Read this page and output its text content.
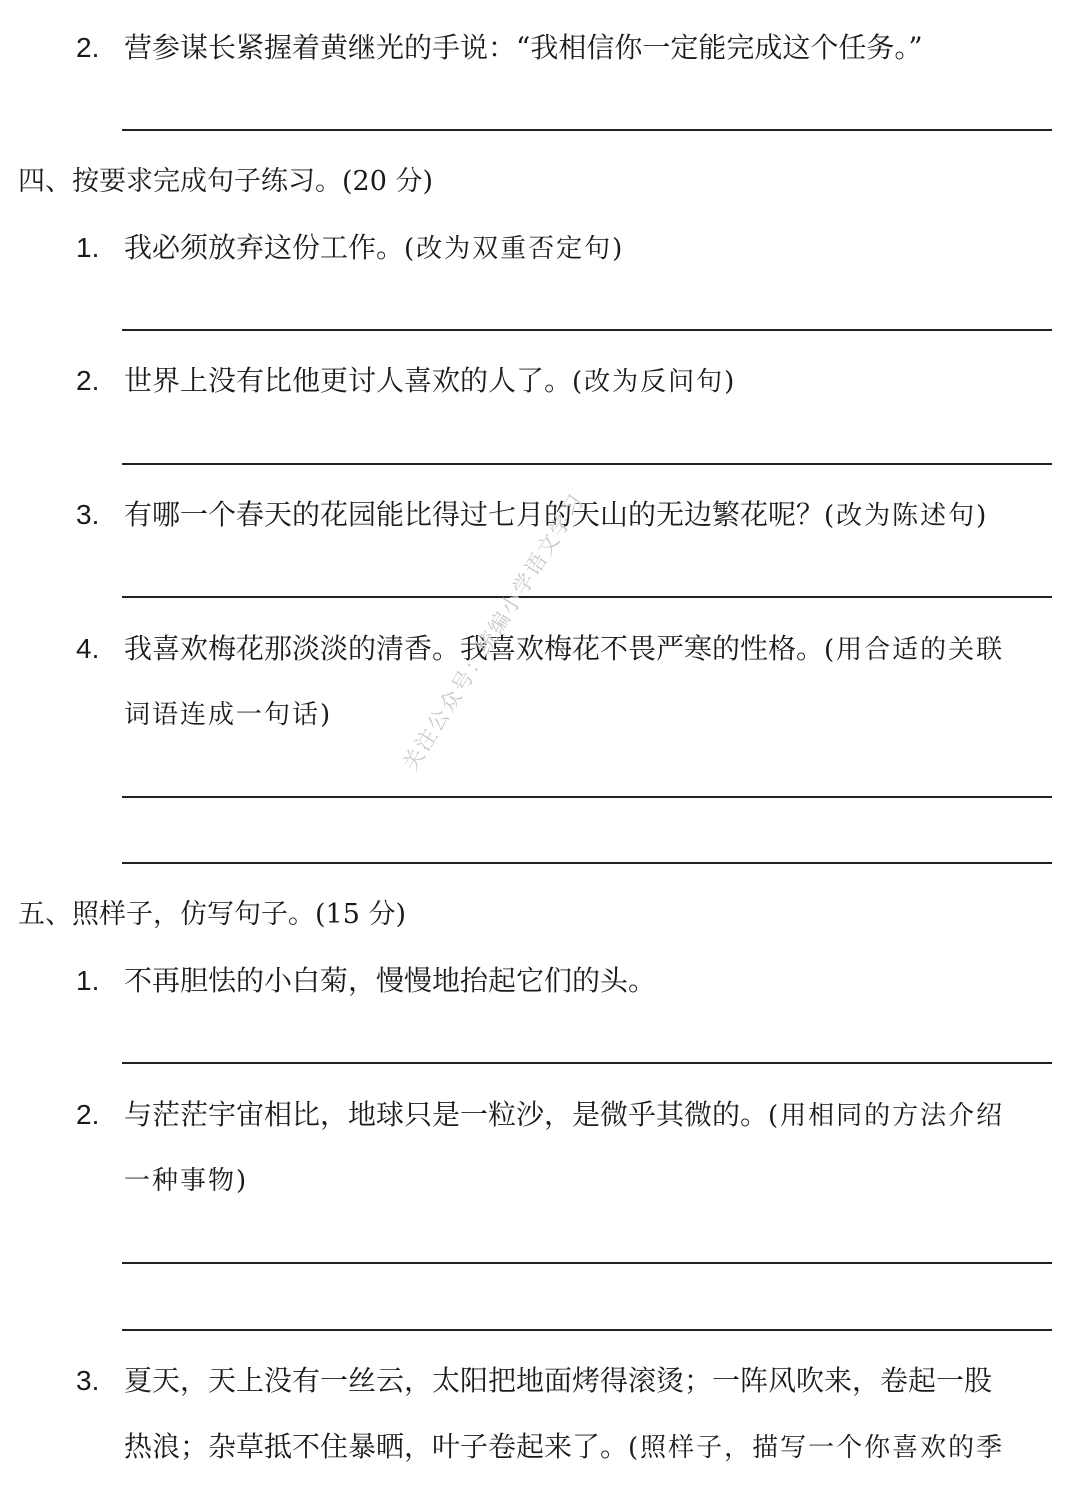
2. 营参谋长紧握着黄继光的手说：“我相信你一定能完成这个任务。”
四、按要求完成句子练习。(20 分)
1. 我必须放弃这份工作。(改为双重否定句)
2. 世界上没有比他更讨人喜欢的人了。(改为反问句)
3. 有哪一个春天的花园能比得过七月的天山的无边繁花呢？(改为陈述句)
4. 我喜欢梅花那淡淡的清香。我喜欢梅花不畏严寒的性格。(用合适的关联
词语连成一句话)
五、照样子，仿写句子。(15 分)
1. 不再胆怯的小白菊，慢慢地抬起它们的头。
2. 与茫茫宇宙相比，地球只是一粒沙，是微乎其微的。(用相同的方法介绍
一种事物)
3. 夏天，天上没有一丝云，太阳把地面烤得滚烫；一阵风吹来，卷起一股
热浪；杂草抵不住暴晒，叶子卷起来了。(照样子，描写一个你喜欢的季
关注公众号：统编小学语文学习
